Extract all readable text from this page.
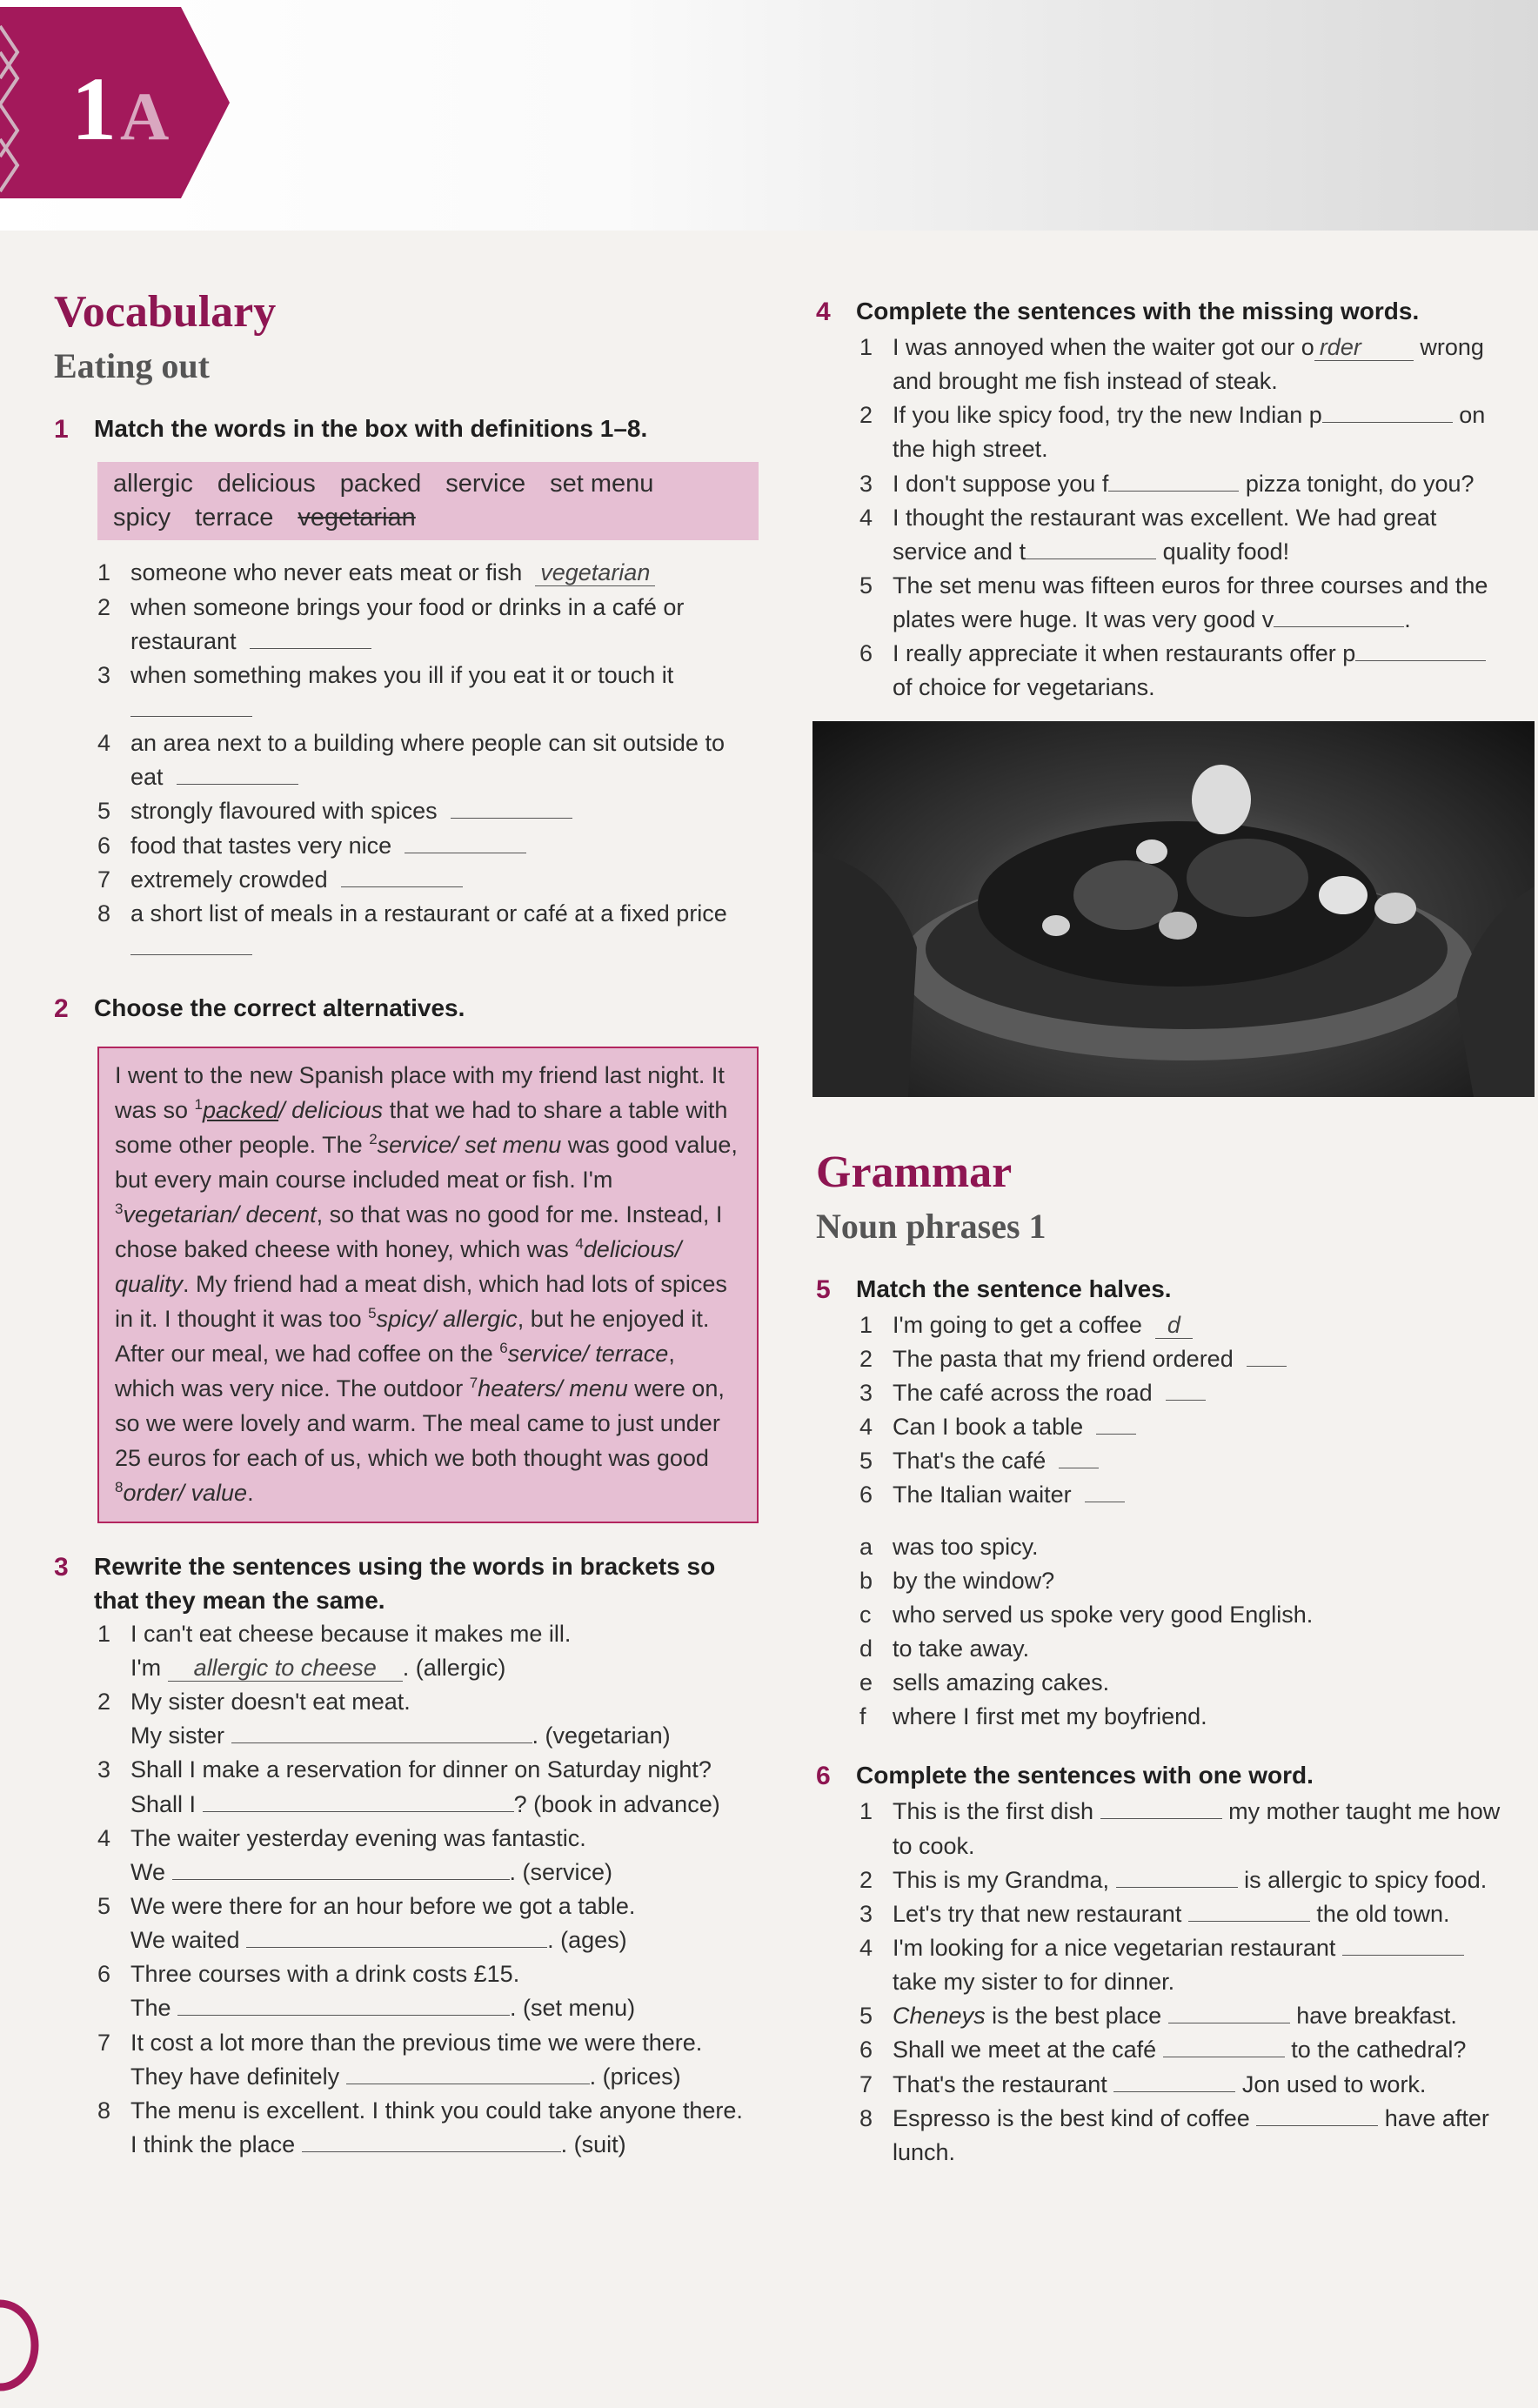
1 A
Vocabulary
Eating out
1	Match the words in the box with definitions 1–8.
allergic delicious packed service set menu
spicy terrace vegetarian
1 someone who never eats meat or fish vegetarian
2 when someone brings your food or drinks in a café or restaurant
3 when something makes you ill if you eat it or touch it
4 an area next to a building where people can sit outside to eat
5 strongly flavoured with spices
6 food that tastes very nice
7 extremely crowded
8 a short list of meals in a restaurant or café at a fixed price
2	Choose the correct alternatives.
I went to the new Spanish place with my friend last night. It was so $^1$packed/ delicious that we had to share a table with some other people. The $^2$service/ set menu was good value, but every main course included meat or fish. I'm $^3$vegetarian/ decent, so that was no good for me. Instead, I chose baked cheese with honey, which was $^4$delicious/ quality. My friend had a meat dish, which had lots of spices in it. I thought it was too $^5$spicy/ allergic, but he enjoyed it. After our meal, we had coffee on the $^6$service/ terrace, which was very nice. The outdoor $^7$heaters/ menu were on, so we were lovely and warm. The meal came to just under 25 euros for each of us, which we both thought was good $^8$order/ value.
3	Rewrite the sentences using the words in brackets so that they mean the same.
1 I can't eat cheese because it makes me ill.
I'm allergic to cheese . (allergic)
2 My sister doesn't eat meat.
My sister	. (vegetarian)
3 Shall I make a reservation for dinner on Saturday night?
Shall I	? (book in advance)
4 The waiter yesterday evening was fantastic.
We	. (service)
5 We were there for an hour before we got a table.
We waited	. (ages)
6 Three courses with a drink costs £15.
The	. (set menu)
7 It cost a lot more than the previous time we were there.
They have definitely	. (prices)
8 The menu is excellent. I think you could take anyone there.
I think the place	. (suit)
4	Complete the sentences with the missing words.
1 I was annoyed when the waiter got our o rder wrong and brought me fish instead of steak.
2 If you like spicy food, try the new Indian p	on the high street.
3 I don't suppose you f	pizza tonight, do you?
4 I thought the restaurant was excellent. We had great service and t	quality food!
5 The set menu was fifteen euros for three courses and the plates were huge. It was very good v	.
6 I really appreciate it when restaurants offer p of choice for vegetarians.
Grammar
Noun phrases 1
5	Match the sentence halves.
1 I'm going to get a coffee d
2 The pasta that my friend ordered
3 The café across the road
4 Can I book a table
5 That's the café
6 The Italian waiter
a was too spicy.
b by the window?
c who served us spoke very good English.
d to take away.
e sells amazing cakes.
f	where I first met my boyfriend.
6	Complete the sentences with one word.
1 This is the first dish	my mother taught me how to cook.
2 This is my Grandma,	is allergic to spicy food.
3 Let's try that new restaurant	the old town.
4 I'm looking for a nice vegetarian restaurant  take my sister to for dinner.
5 Cheneys is the best place	have breakfast.
6 Shall we meet at the café	to the cathedral?
7 That's the restaurant	Jon used to work.
8 Espresso is the best kind of coffee	have after lunch.
